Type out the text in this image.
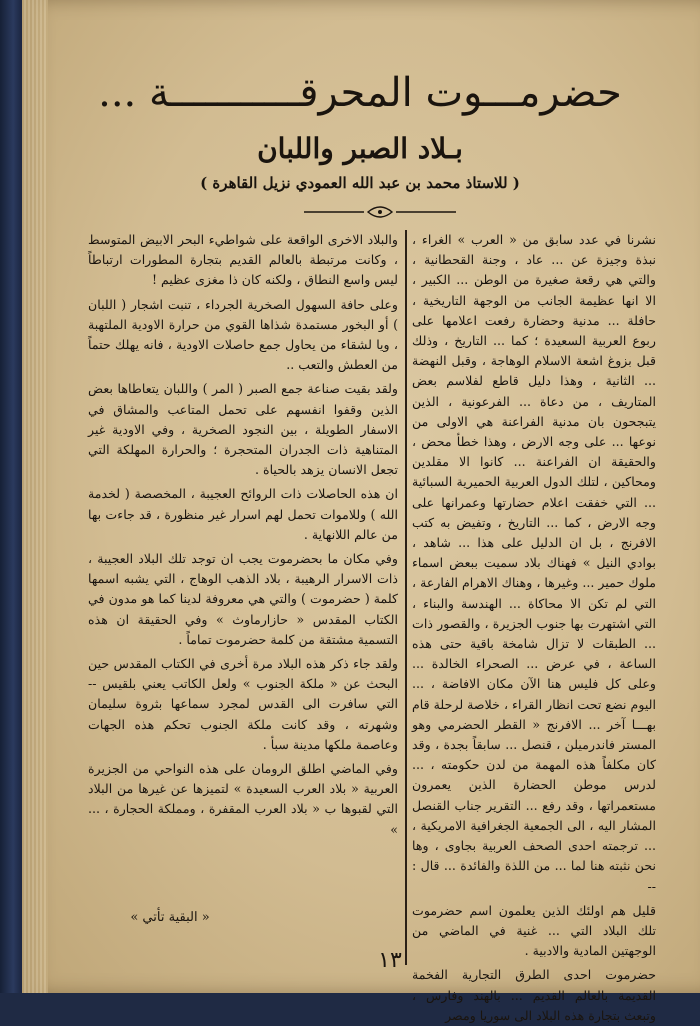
حضرمـــوت المحرقـــــــــــة ...
بـلاد الصبر واللبان
( للاستاذ محمد بن عبد الله العمودي نزيل القاهرة )

نشرنا في عدد سابق من « العرب » الغراء ، نبذة وجيزة عن ... عاد ، وجنة القحطانية ، والتي هي رقعة صغيرة من الوطن ... الكبير ، الا انها عظيمة الجانب من الوجهة التاريخية ، حافلة ... مدنية وحضارة رفعت اعلامها على ربوع العربية السعيدة ؛ كما ... التاريخ ، وذلك قبل بزوغ اشعة الاسلام الوهاجة ، وقبل النهضة ... الثانية ، وهذا دليل قاطع لفلاسم بعض المتاريف ، من دعاة ... الفرعونية ، الذين يتبجحون بان مدنية الفراعنة هي الاولى من نوعها ... على وجه الارض ، وهذا خطأ محض ، والحقيقة ان الفراعنة ... كانوا الا مقلدين ومحاكين ، لتلك الدول العربية الحميرية السبائية ... التي خفقت اعلام حضارتها وعمرانها على وجه الارض ، كما ... التاريخ ، وتفيض به كتب الافرنج ، بل ان الدليل على هذا ... شاهد ، بوادي النيل » فهناك بلاد سميت ببعض اسماء ملوك حمير ... وغيرها ، وهناك الاهرام الفارعة ، التي لم تكن الا محاكاة ... الهندسة والبناء ، التي اشتهرت بها جنوب الجزيرة ، والقصور ذات ... الطبقات لا تزال شامخة باقية حتى هذه الساعة ، في عرض ... الصحراء الخالدة ... وعلى كل فليس هنا الآن مكان الافاضة ، ... اليوم نضع تحت انظار القراء ، خلاصة لرحلة قام بهـــا آخر ... الافرنج « القطر الحضرمي وهو المستر فاندرميلن ، قنصل ... سابقاً بجدة ، وقد كان مكلفاً هذه المهمة من لدن حكومته ، ... لدرس موطن الحضارة الذين يعمرون مستعمراتها ، وقد رفع ... التقرير جناب القنصل المشار اليه ، الى الجمعية الجغرافية الامريكية ، ... ترجمته احدى الصحف العربية بجاوى ، وها نحن نثبته هنا لما ... من اللذة والفائدة ... قال : --

قليل هم اولئك الذين يعلمون اسم حضرموت تلك البلاد التي ... غنية في الماضي من الوجهتين المادية والادبية .

حضرموت احدى الطرق التجارية الفخمة القديمة بالعالم القديم ... بالهند وفارس ، وتبعث بتجارة هذه البلاد الى سوريا ومصر

والبلاد الاخرى الواقعة على شواطيء البحر الابيض المتوسط ، وكانت مرتبطة بالعالم القديم بتجارة المطورات ارتباطاً ليس واسع النطاق ، ولكنه كان ذا مغزى عظيم !

وعلى حافة السهول الصخرية الجرداء ، تنبت اشجار ( اللبان ) أو البخور مستمدة شذاها القوي من حرارة الاودية الملتهبة ، ويا لشقاء من يحاول جمع حاصلات الاودية ، فانه يهلك حتماً من العطش والتعب ..

ولقد بقيت صناعة جمع الصبر ( المر ) واللبان يتعاطاها بعض الذين وقفوا انفسهم على تحمل المتاعب والمشاق في الاسفار الطويلة ، بين النجود الصخرية ، وفي الاودية غير المتناهية ذات الجدران المتحجرة ؛ والحرارة المهلكة التي تجعل الانسان يزهد بالحياة .

ان هذه الحاصلات ذات الروائح العجيبة ، المخصصة ( لخدمة الله ) وللاموات تحمل لهم اسرار غير منظورة ، قد جاءت بها من عالم اللانهاية .

وفي مكان ما بحضرموت يجب ان توجد تلك البلاد العجيبة ، ذات الاسرار الرهيبة ، بلاد الذهب الوهاج ، التي يشبه اسمها كلمة ( حضرموت ) والتي هي معروفة لدينا كما هو مدون في الكتاب المقدس « حازارماوث » وفي الحقيقة ان هذه التسمية مشتقة من كلمة حضرموت تماماً .

ولقد جاء ذكر هذه البلاد مرة أخرى في الكتاب المقدس حين البحث عن « ملكة الجنوب » ولعل الكاتب يعني بلقيس -- التي سافرت الى القدس لمجرد سماعها بثروة سليمان وشهرته ، وقد كانت ملكة الجنوب تحكم هذه الجهات وعاصمة ملكها مدينة سبأ .

وفي الماضي اطلق الرومان على هذه النواحي من الجزيرة العربية « بلاد العرب السعيدة » لتميزها عن غيرها من البلاد التي لقبوها ب « بلاد العرب المقفرة ، ومملكة الحجارة ، ... »

« البقية تأتي »
١٣
